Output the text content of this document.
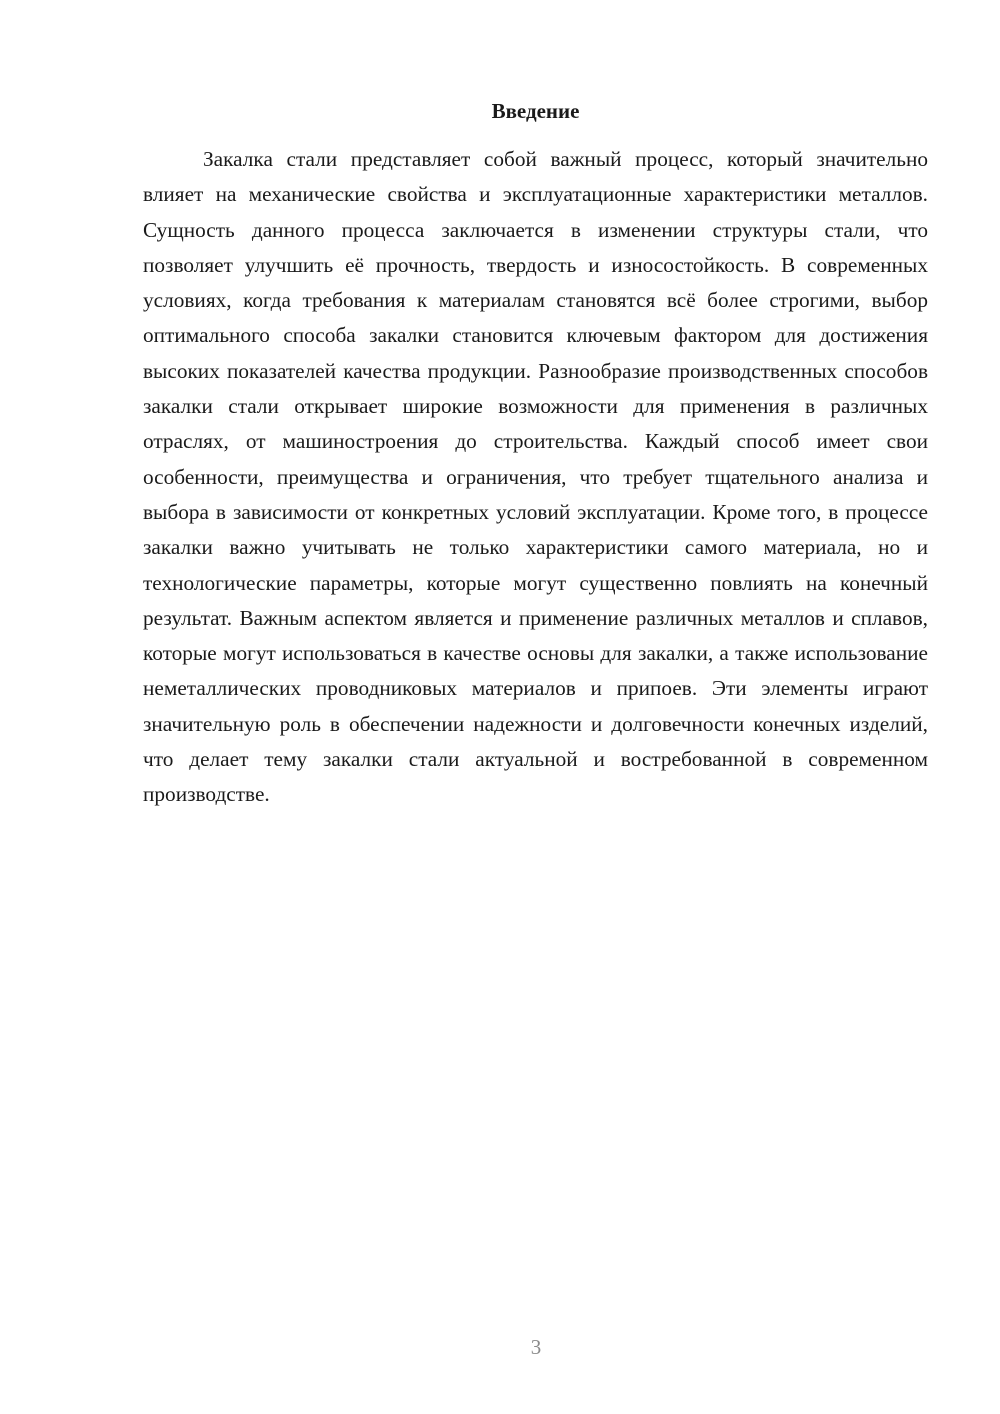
Введение

Закалка стали представляет собой важный процесс, который значительно влияет на механические свойства и эксплуатационные характеристики металлов. Сущность данного процесса заключается в изменении структуры стали, что позволяет улучшить её прочность, твердость и износостойкость. В современных условиях, когда требования к материалам становятся всё более строгими, выбор оптимального способа закалки становится ключевым фактором для достижения высоких показателей качества продукции. Разнообразие производственных способов закалки стали открывает широкие возможности для применения в различных отраслях, от машиностроения до строительства. Каждый способ имеет свои особенности, преимущества и ограничения, что требует тщательного анализа и выбора в зависимости от конкретных условий эксплуатации. Кроме того, в процессе закалки важно учитывать не только характеристики самого материала, но и технологические параметры, которые могут существенно повлиять на конечный результат. Важным аспектом является и применение различных металлов и сплавов, которые могут использоваться в качестве основы для закалки, а также использование неметаллических проводниковых материалов и припоев. Эти элементы играют значительную роль в обеспечении надежности и долговечности конечных изделий, что делает тему закалки стали актуальной и востребованной в современном производстве.

3
